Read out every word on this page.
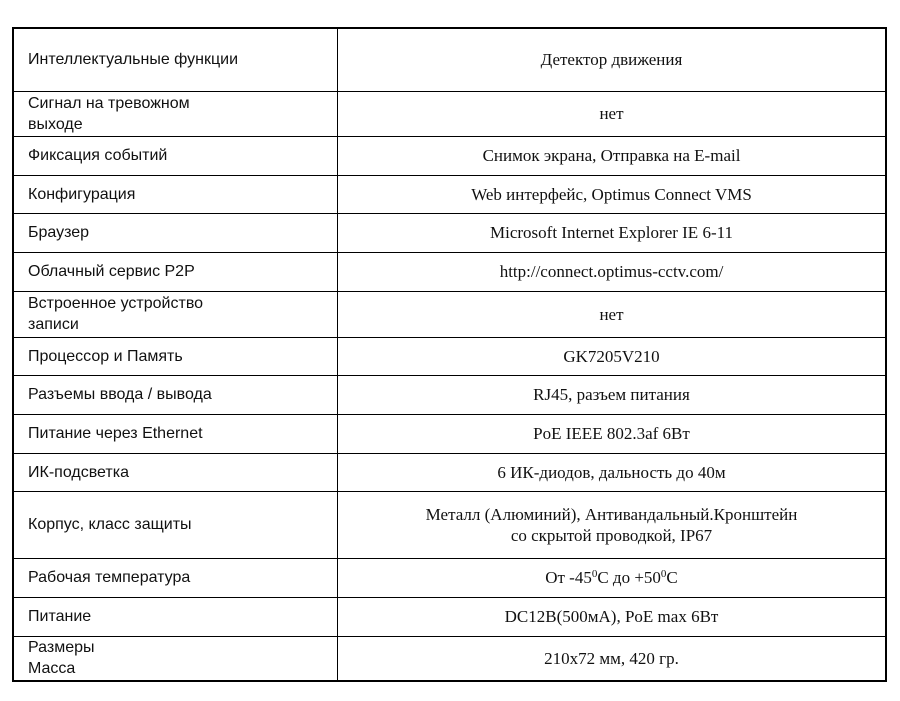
Интеллектуальные функции	Детектор движения

Сигнал на тревожном
выходе	нет

Фиксация событий	Снимок экрана, Отправка на E-mail

Конфигурация	Web интерфейс, Optimus Connect VMS

Браузер	Microsoft Internet Explorer IE 6-11

Облачный сервис P2P	http://connect.optimus-cctv.com/

Встроенное устройство
записи	нет

Процессор и Память	GK7205V210

Разъемы ввода / вывода	RJ45, разъем питания

Питание через Ethernet	PoE IEEE 802.3af 6Вт

ИК-подсветка	6 ИК-диодов, дальность до 40м

Корпус, класс защиты	Металл (Алюминий), Антивандальный.Кронштейн
со скрытой проводкой, IP67

Рабочая температура	От $-45^0C$ до $+50^0C$

Питание	DC12В(500мА), PoE max 6Вт

Размеры
Масса	210x72 мм, 420 гр.
